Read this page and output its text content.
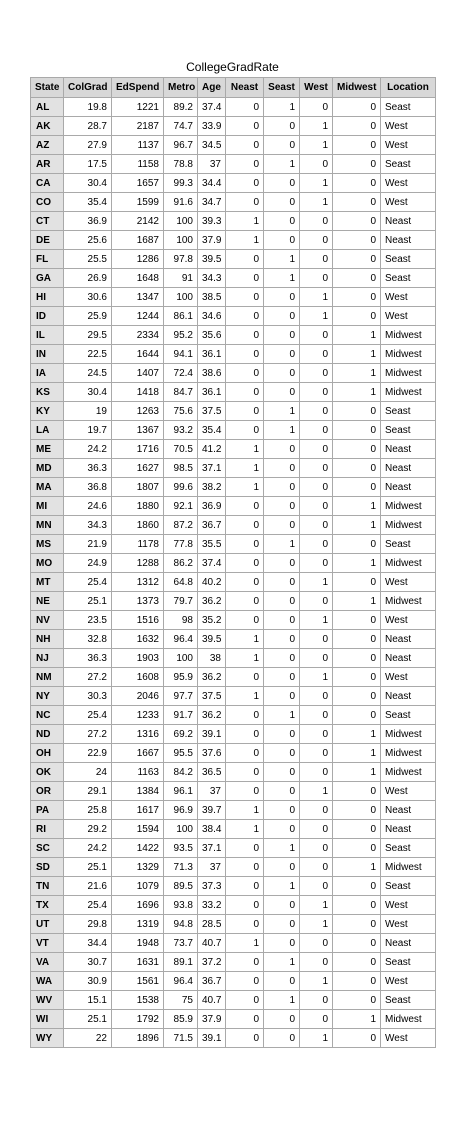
CollegeGradRate
State	ColGrad	EdSpend	Metro	Age	Neast	Seast	West	Midwest	Location
AL	19.8	1221	89.2	37.4	0	1	0	0	Seast
AK	28.7	2187	74.7	33.9	0	0	1	0	West
AZ	27.9	1137	96.7	34.5	0	0	1	0	West
AR	17.5	1158	78.8	37	0	1	0	0	Seast
CA	30.4	1657	99.3	34.4	0	0	1	0	West
CO	35.4	1599	91.6	34.7	0	0	1	0	West
CT	36.9	2142	100	39.3	1	0	0	0	Neast
DE	25.6	1687	100	37.9	1	0	0	0	Neast
FL	25.5	1286	97.8	39.5	0	1	0	0	Seast
GA	26.9	1648	91	34.3	0	1	0	0	Seast
HI	30.6	1347	100	38.5	0	0	1	0	West
ID	25.9	1244	86.1	34.6	0	0	1	0	West
IL	29.5	2334	95.2	35.6	0	0	0	1	Midwest
IN	22.5	1644	94.1	36.1	0	0	0	1	Midwest
IA	24.5	1407	72.4	38.6	0	0	0	1	Midwest
KS	30.4	1418	84.7	36.1	0	0	0	1	Midwest
KY	19	1263	75.6	37.5	0	1	0	0	Seast
LA	19.7	1367	93.2	35.4	0	1	0	0	Seast
ME	24.2	1716	70.5	41.2	1	0	0	0	Neast
MD	36.3	1627	98.5	37.1	1	0	0	0	Neast
MA	36.8	1807	99.6	38.2	1	0	0	0	Neast
MI	24.6	1880	92.1	36.9	0	0	0	1	Midwest
MN	34.3	1860	87.2	36.7	0	0	0	1	Midwest
MS	21.9	1178	77.8	35.5	0	1	0	0	Seast
MO	24.9	1288	86.2	37.4	0	0	0	1	Midwest
MT	25.4	1312	64.8	40.2	0	0	1	0	West
NE	25.1	1373	79.7	36.2	0	0	0	1	Midwest
NV	23.5	1516	98	35.2	0	0	1	0	West
NH	32.8	1632	96.4	39.5	1	0	0	0	Neast
NJ	36.3	1903	100	38	1	0	0	0	Neast
NM	27.2	1608	95.9	36.2	0	0	1	0	West
NY	30.3	2046	97.7	37.5	1	0	0	0	Neast
NC	25.4	1233	91.7	36.2	0	1	0	0	Seast
ND	27.2	1316	69.2	39.1	0	0	0	1	Midwest
OH	22.9	1667	95.5	37.6	0	0	0	1	Midwest
OK	24	1163	84.2	36.5	0	0	0	1	Midwest
OR	29.1	1384	96.1	37	0	0	1	0	West
PA	25.8	1617	96.9	39.7	1	0	0	0	Neast
RI	29.2	1594	100	38.4	1	0	0	0	Neast
SC	24.2	1422	93.5	37.1	0	1	0	0	Seast
SD	25.1	1329	71.3	37	0	0	0	1	Midwest
TN	21.6	1079	89.5	37.3	0	1	0	0	Seast
TX	25.4	1696	93.8	33.2	0	0	1	0	West
UT	29.8	1319	94.8	28.5	0	0	1	0	West
VT	34.4	1948	73.7	40.7	1	0	0	0	Neast
VA	30.7	1631	89.1	37.2	0	1	0	0	Seast
WA	30.9	1561	96.4	36.7	0	0	1	0	West
WV	15.1	1538	75	40.7	0	1	0	0	Seast
WI	25.1	1792	85.9	37.9	0	0	0	1	Midwest
WY	22	1896	71.5	39.1	0	0	1	0	West
